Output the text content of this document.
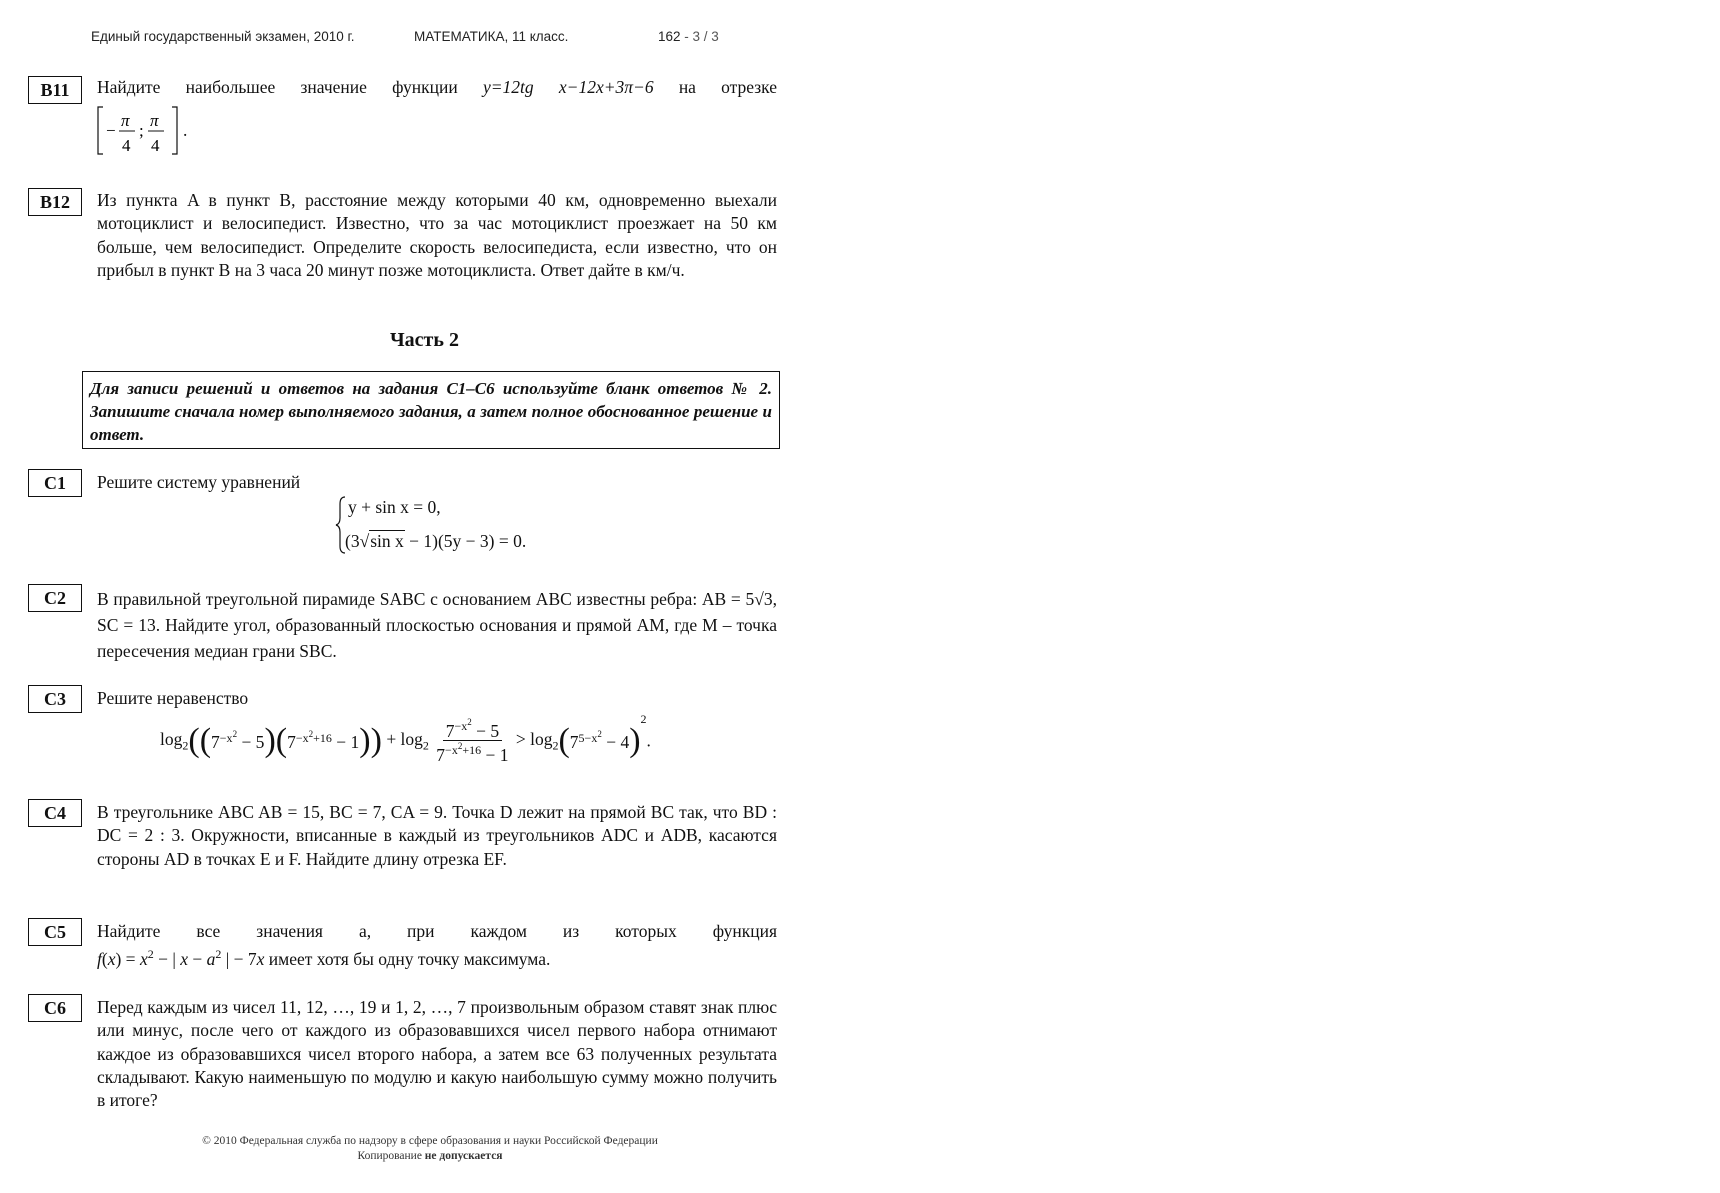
Единый государственный экзамен, 2010 г.	МАТЕМАТИКА, 11 класс.	162 - 3 / 3
B11	Найдите наибольшее значение функции y=12tg x−12x+3π−6 на отрезке
−
π
4
;
π
4
.
B12	Из пункта A в пункт B, расстояние между которыми 40 км, одновременно выехали мотоциклист и велосипедист. Известно, что за час мотоциклист проезжает на 50 км больше, чем велосипедист. Определите скорость велосипедиста, если известно, что он прибыл в пункт B на 3 часа 20 минут позже мотоциклиста. Ответ дайте в км/ч.
Часть 2
Для записи решений и ответов на задания С1–С6 используйте бланк ответов № 2. Запишите сначала номер выполняемого задания, а затем полное обоснованное решение и ответ.
C1	Решите систему уравнений
y + sin x = 0,
(3√sin x − 1)(5y − 3) = 0.
C2	В правильной треугольной пирамиде SABC с основанием ABC известны ребра: AB = 5√3, SC = 13. Найдите угол, образованный плоскостью основания и прямой AM, где M – точка пересечения медиан грани SBC.
C3	Решите неравенство
$\log_2((7^{-x^2} - 5)(7^{-x^2+16} - 1)) + \log_2 \frac{7^{-x^2} - 5}{7^{-x^2+16} - 1} > \log_2(7^{5-x^2} - 4)^2$.
C4	В треугольнике ABC AB = 15, BC = 7, CA = 9. Точка D лежит на прямой BC так, что BD : DC = 2 : 3. Окружности, вписанные в каждый из треугольников ADC и ADB, касаются стороны AD в точках E и F. Найдите длину отрезка EF.
C5	Найдите все значения a, при каждом из которых функция
$f(x) = x^2$ − | $x - a^2$ | − 7x имеет хотя бы одну точку максимума.
C6	Перед каждым из чисел 11, 12, …, 19 и 1, 2, …, 7 произвольным образом ставят знак плюс или минус, после чего от каждого из образовавшихся чисел первого набора отнимают каждое из образовавшихся чисел второго набора, а затем все 63 полученных результата складывают. Какую наименьшую по модулю и какую наибольшую сумму можно получить в итоге?
© 2010 Федеральная служба по надзору в сфере образования и науки Российской Федерации
Копирование не допускается
